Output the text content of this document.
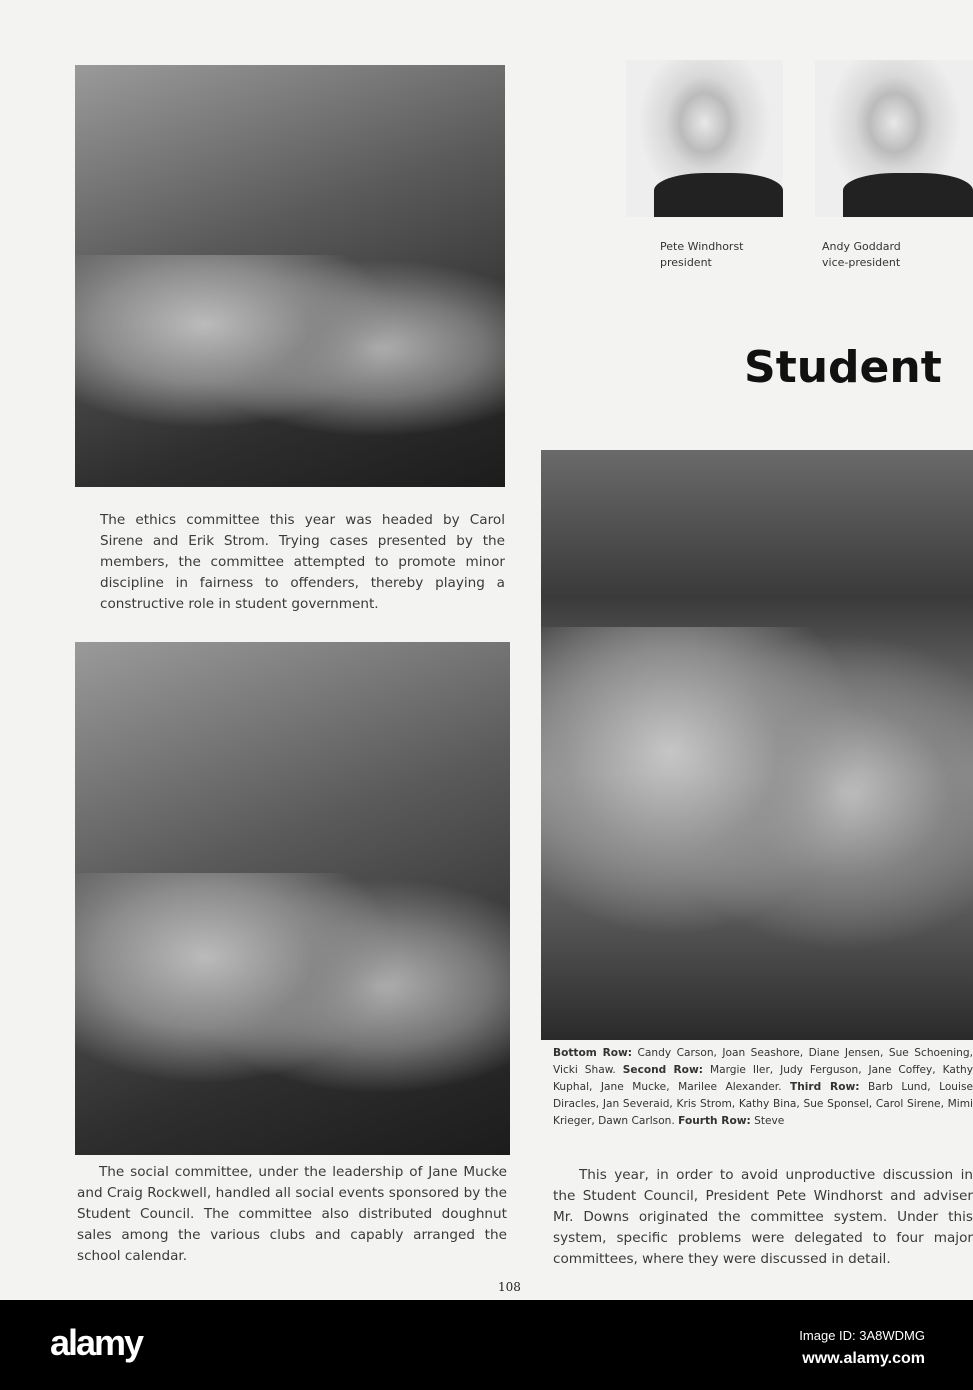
The ethics committee this year was headed by Carol Sirene and Erik Strom. Trying cases presented by the members, the committee attempted to promote minor discipline in fairness to offenders, thereby playing a constructive role in student government.
The social committee, under the leadership of Jane Mucke and Craig Rockwell, handled all social events sponsored by the Student Council. The committee also distributed doughnut sales among the various clubs and capably arranged the school calendar.
108
Pete Windhorst
president
Andy Goddard
vice-president
Student
Bottom Row: Candy Carson, Joan Seashore, Diane Jensen, Sue Schoening, Vicki Shaw. Second Row: Margie Iler, Judy Ferguson, Jane Coffey, Kathy Kuphal, Jane Mucke, Marilee Alexander. Third Row: Barb Lund, Louise Diracles, Jan Severaid, Kris Strom, Kathy Bina, Sue Sponsel, Carol Sirene, Mimi Krieger, Dawn Carlson. Fourth Row: Steve
This year, in order to avoid unproductive discussion in the Student Council, President Pete Windhorst and adviser Mr. Downs originated the committee system. Under this system, specific problems were delegated to four major committees, where they were discussed in detail.
alamy	Image ID: 3A8WDMG
www.alamy.com
